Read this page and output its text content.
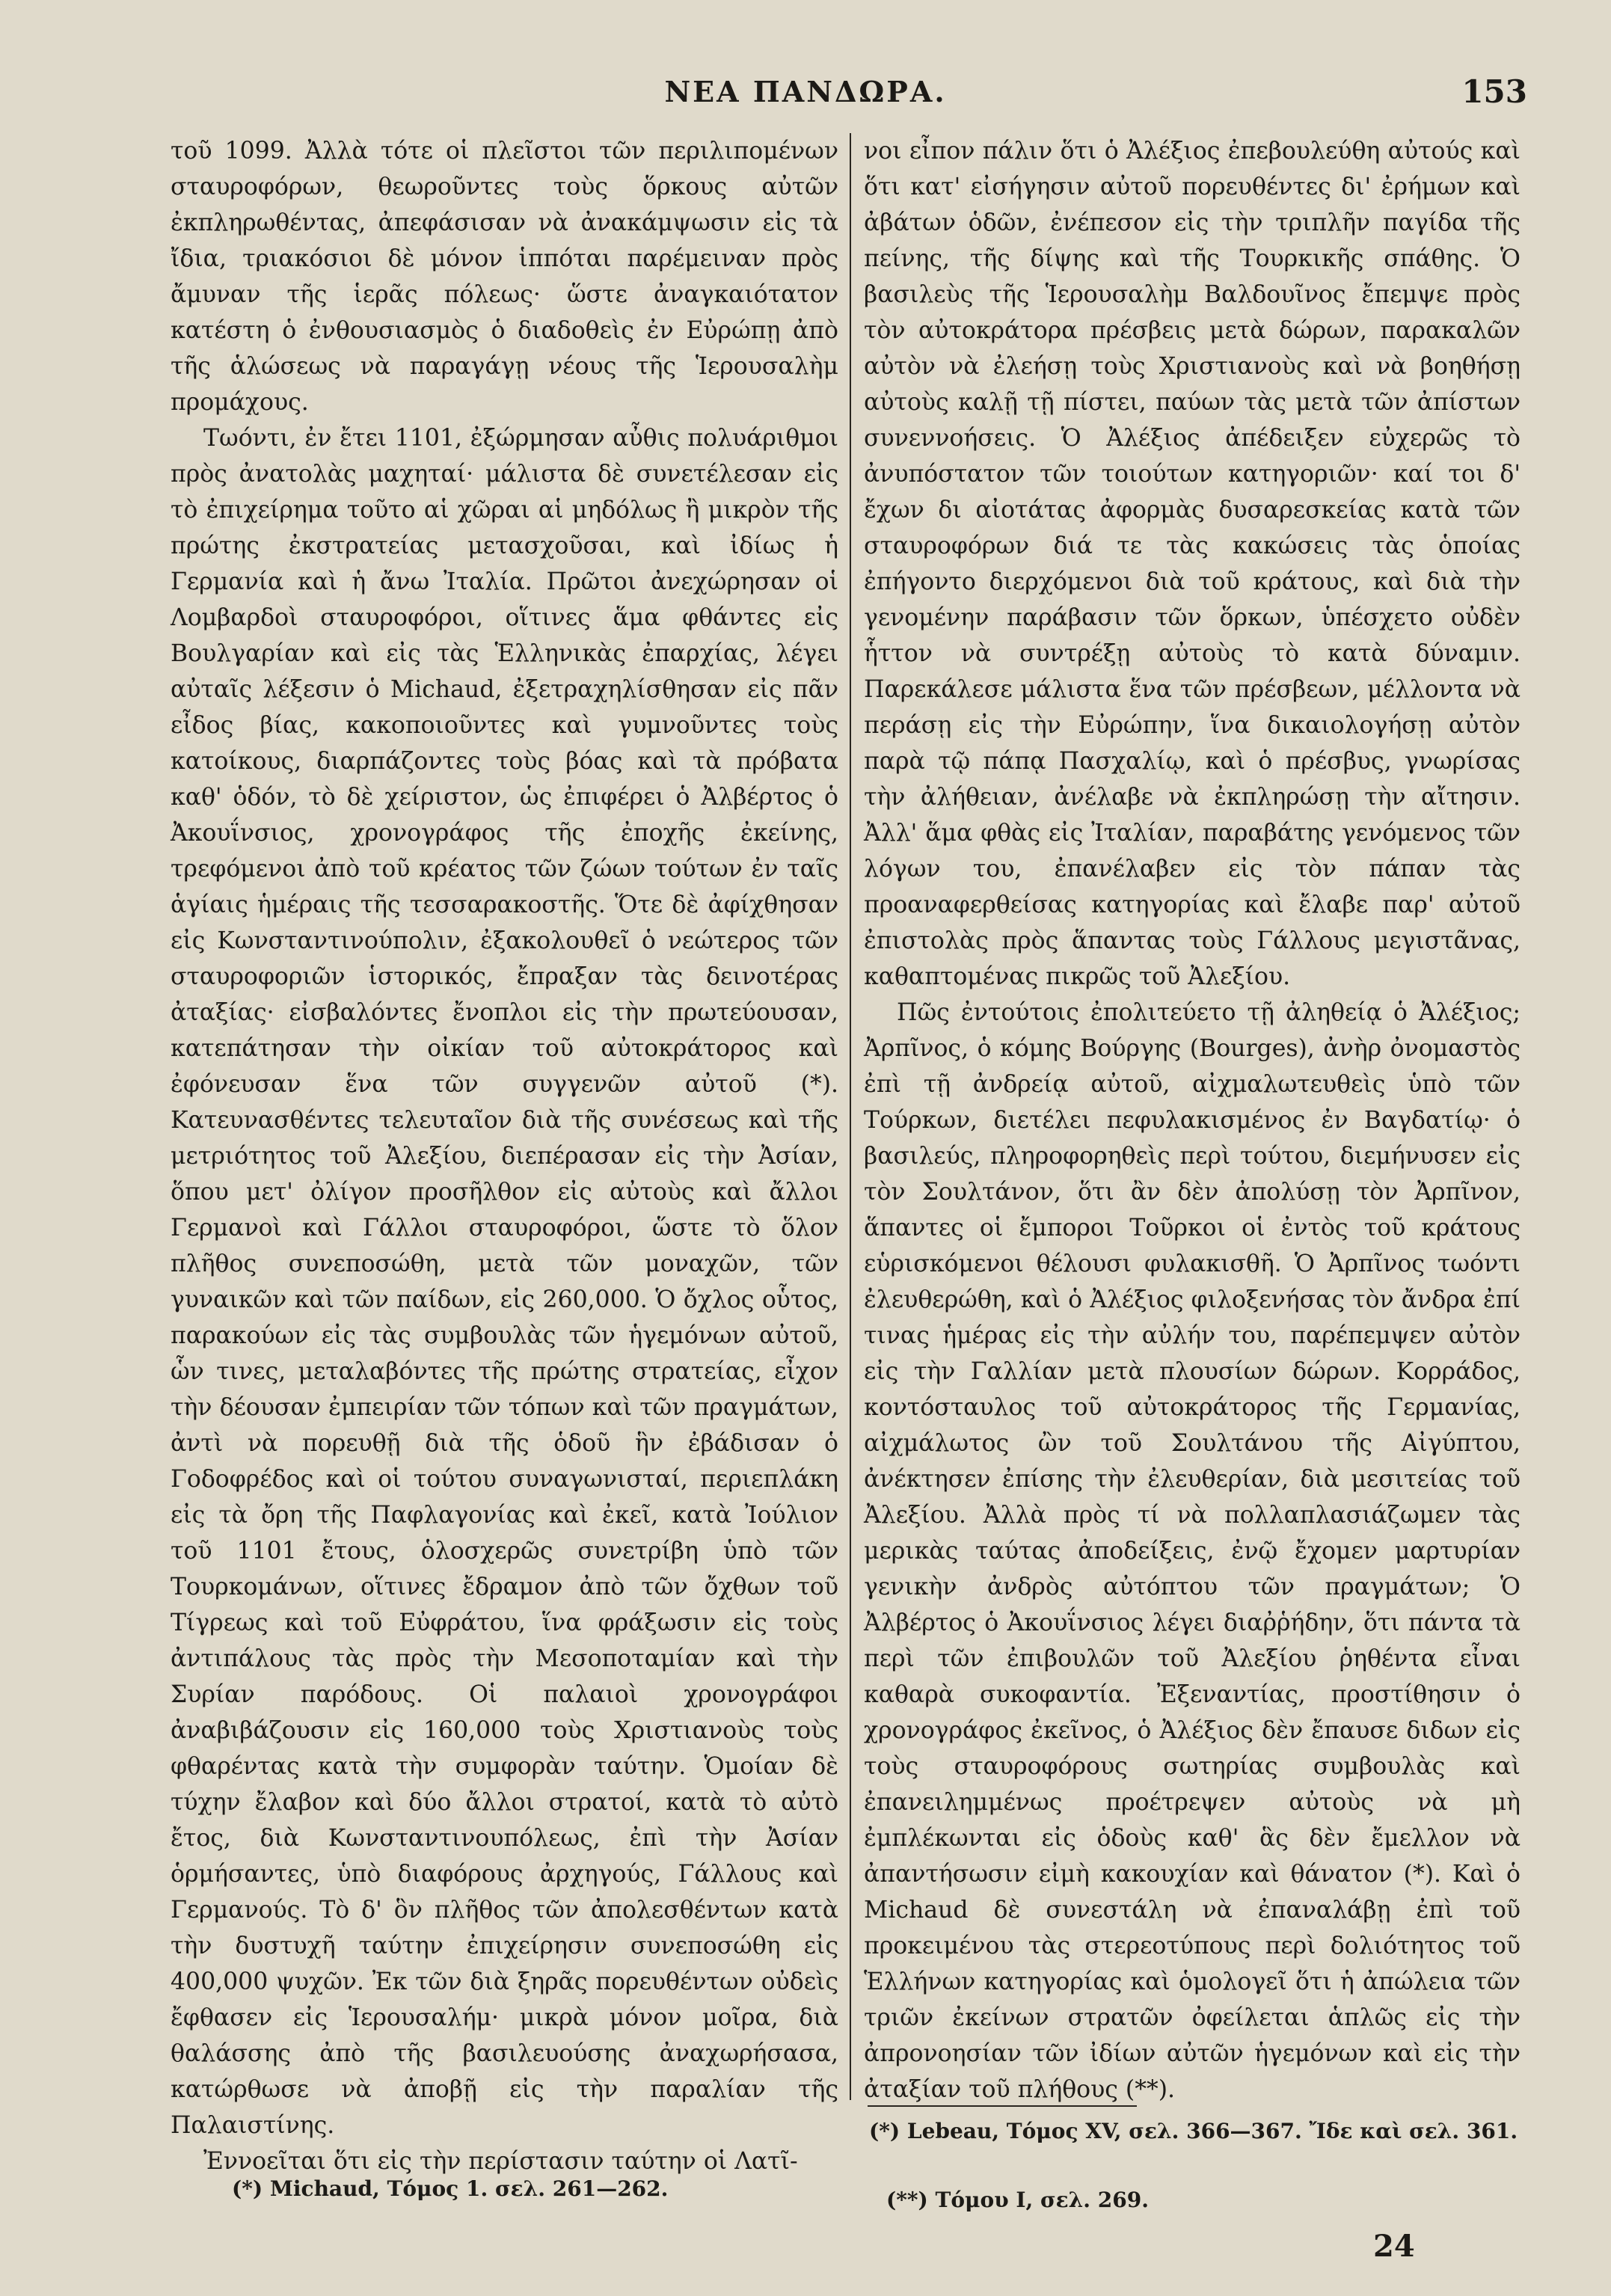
ΝΕΑ ΠΑΝΔΩΡΑ.	153

τοῦ 1099. Ἀλλὰ τότε οἱ πλεῖστοι τῶν περιλιπομένων σταυροφόρων, θεωροῦντες τοὺς ὅρκους αὐτῶν ἐκπληρωθέντας, ἀπεφάσισαν νὰ ἀνακάμψωσιν εἰς τὰ ἴδια, τριακόσιοι δὲ μόνον ἱππόται παρέμειναν πρὸς ἄμυναν τῆς ἱερᾶς πόλεως· ὥστε ἀναγκαιότατον κατέστη ὁ ἐνθουσιασμὸς ὁ διαδοθεὶς ἐν Εὐρώπῃ ἀπὸ τῆς ἁλώσεως νὰ παραγάγῃ νέους τῆς Ἱερουσαλὴμ προμάχους.

Τωόντι, ἐν ἔτει 1101, ἐξώρμησαν αὖθις πολυάριθμοι πρὸς ἀνατολὰς μαχηταί· μάλιστα δὲ συνετέλεσαν εἰς τὸ ἐπιχείρημα τοῦτο αἱ χῶραι αἱ μηδόλως ἢ μικρὸν τῆς πρώτης ἐκστρατείας μετασχοῦσαι, καὶ ἰδίως ἡ Γερμανία καὶ ἡ ἄνω Ἰταλία. Πρῶτοι ἀνεχώρησαν οἱ Λομβαρδοὶ σταυροφόροι, οἵτινες ἅμα φθάντες εἰς Βουλγαρίαν καὶ εἰς τὰς Ἑλληνικὰς ἐπαρχίας, λέγει αὐταῖς λέξεσιν ὁ Michaud, ἐξετραχηλίσθησαν εἰς πᾶν εἶδος βίας, κακοποιοῦντες καὶ γυμνοῦντες τοὺς κατοίκους, διαρπάζοντες τοὺς βόας καὶ τὰ πρόβατα καθ' ὁδόν, τὸ δὲ χείριστον, ὡς ἐπιφέρει ὁ Ἀλβέρτος ὁ Ἀκουΐνσιος, χρονογράφος τῆς ἐποχῆς ἐκείνης, τρεφόμενοι ἀπὸ τοῦ κρέατος τῶν ζώων τούτων ἐν ταῖς ἁγίαις ἡμέραις τῆς τεσσαρακοστῆς. Ὅτε δὲ ἀφίχθησαν εἰς Κωνσταντινούπολιν, ἐξακολουθεῖ ὁ νεώτερος τῶν σταυροφοριῶν ἱστορικός, ἔπραξαν τὰς δεινοτέρας ἀταξίας· εἰσβαλόντες ἔνοπλοι εἰς τὴν πρωτεύουσαν, κατεπάτησαν τὴν οἰκίαν τοῦ αὐτοκράτορος καὶ ἐφόνευσαν ἕνα τῶν συγγενῶν αὐτοῦ (*). Κατευνασθέντες τελευταῖον διὰ τῆς συνέσεως καὶ τῆς μετριότητος τοῦ Ἀλεξίου, διεπέρασαν εἰς τὴν Ἀσίαν, ὅπου μετ' ὀλίγον προσῆλθον εἰς αὐτοὺς καὶ ἄλλοι Γερμανοὶ καὶ Γάλλοι σταυροφόροι, ὥστε τὸ ὅλον πλῆθος συνεποσώθη, μετὰ τῶν μοναχῶν, τῶν γυναικῶν καὶ τῶν παίδων, εἰς 260,000. Ὁ ὄχλος οὗτος, παρακούων εἰς τὰς συμβουλὰς τῶν ἡγεμόνων αὐτοῦ, ὧν τινες, μεταλαβόντες τῆς πρώτης στρατείας, εἶχον τὴν δέουσαν ἐμπειρίαν τῶν τόπων καὶ τῶν πραγμάτων, ἀντὶ νὰ πορευθῇ διὰ τῆς ὁδοῦ ἣν ἐβάδισαν ὁ Γοδοφρέδος καὶ οἱ τούτου συναγωνισταί, περιεπλάκη εἰς τὰ ὄρη τῆς Παφλαγονίας καὶ ἐκεῖ, κατὰ Ἰούλιον τοῦ 1101 ἔτους, ὁλοσχερῶς συνετρίβη ὑπὸ τῶν Τουρκομάνων, οἵτινες ἔδραμον ἀπὸ τῶν ὄχθων τοῦ Τίγρεως καὶ τοῦ Εὐφράτου, ἵνα φράξωσιν εἰς τοὺς ἀντιπάλους τὰς πρὸς τὴν Μεσοποταμίαν καὶ τὴν Συρίαν παρόδους. Οἱ παλαιοὶ χρονογράφοι ἀναβιβάζουσιν εἰς 160,000 τοὺς Χριστιανοὺς τοὺς φθαρέντας κατὰ τὴν συμφορὰν ταύτην. Ὁμοίαν δὲ τύχην ἔλαβον καὶ δύο ἄλλοι στρατοί, κατὰ τὸ αὐτὸ ἔτος, διὰ Κωνσταντινουπόλεως, ἐπὶ τὴν Ἀσίαν ὁρμήσαντες, ὑπὸ διαφόρους ἀρχηγούς, Γάλλους καὶ Γερμανούς. Τὸ δ' ὃν πλῆθος τῶν ἀπολεσθέντων κατὰ τὴν δυστυχῆ ταύτην ἐπιχείρησιν συνεποσώθη εἰς 400,000 ψυχῶν. Ἐκ τῶν διὰ ξηρᾶς πορευθέντων οὐδεὶς ἔφθασεν εἰς Ἱερουσαλήμ· μικρὰ μόνον μοῖρα, διὰ θαλάσσης ἀπὸ τῆς βασιλευούσης ἀναχωρήσασα, κατώρθωσε νὰ ἀποβῇ εἰς τὴν παραλίαν τῆς Παλαιστίνης.

Ἐννοεῖται ὅτι εἰς τὴν περίστασιν ταύτην οἱ Λατῖ-

νοι εἶπον πάλιν ὅτι ὁ Ἀλέξιος ἐπεβουλεύθη αὐτούς καὶ ὅτι κατ' εἰσήγησιν αὐτοῦ πορευθέντες δι' ἐρήμων καὶ ἀβάτων ὁδῶν, ἐνέπεσον εἰς τὴν τριπλῆν παγίδα τῆς πείνης, τῆς δίψης καὶ τῆς Τουρκικῆς σπάθης. Ὁ βασιλεὺς τῆς Ἱερουσαλὴμ Βαλδουῖνος ἔπεμψε πρὸς τὸν αὐτοκράτορα πρέσβεις μετὰ δώρων, παρακαλῶν αὐτὸν νὰ ἐλεήσῃ τοὺς Χριστιανοὺς καὶ νὰ βοηθήσῃ αὐτοὺς καλῇ τῇ πίστει, παύων τὰς μετὰ τῶν ἀπίστων συνεννοήσεις. Ὁ Ἀλέξιος ἀπέδειξεν εὐχερῶς τὸ ἀνυπόστατον τῶν τοιούτων κατηγοριῶν· καί τοι δ' ἔχων δι αἰοτάτας ἀφορμὰς δυσαρεσκείας κατὰ τῶν σταυροφόρων διά τε τὰς κακώσεις τὰς ὁποίας ἐπήγοντο διερχόμενοι διὰ τοῦ κράτους, καὶ διὰ τὴν γενομένην παράβασιν τῶν ὅρκων, ὑπέσχετο οὐδὲν ἧττον νὰ συντρέξῃ αὐτοὺς τὸ κατὰ δύναμιν. Παρεκάλεσε μάλιστα ἕνα τῶν πρέσβεων, μέλλοντα νὰ περάσῃ εἰς τὴν Εὐρώπην, ἵνα δικαιολογήσῃ αὐτὸν παρὰ τῷ πάπᾳ Πασχαλίῳ, καὶ ὁ πρέσβυς, γνωρίσας τὴν ἀλήθειαν, ἀνέλαβε νὰ ἐκπληρώσῃ τὴν αἴτησιν. Ἀλλ' ἅμα φθὰς εἰς Ἰταλίαν, παραβάτης γενόμενος τῶν λόγων του, ἐπανέλαβεν εἰς τὸν πάπαν τὰς προαναφερθείσας κατηγορίας καὶ ἔλαβε παρ' αὐτοῦ ἐπιστολὰς πρὸς ἅπαντας τοὺς Γάλλους μεγιστᾶνας, καθαπτομένας πικρῶς τοῦ Ἀλεξίου.

Πῶς ἐντούτοις ἐπολιτεύετο τῇ ἀληθείᾳ ὁ Ἀλέξιος; Ἀρπῖνος, ὁ κόμης Βούργης (Bourges), ἀνὴρ ὀνομαστὸς ἐπὶ τῇ ἀνδρείᾳ αὐτοῦ, αἰχμαλωτευθεὶς ὑπὸ τῶν Τούρκων, διετέλει πεφυλακισμένος ἐν Βαγδατίῳ· ὁ βασιλεύς, πληροφορηθεὶς περὶ τούτου, διεμήνυσεν εἰς τὸν Σουλτάνον, ὅτι ἂν δὲν ἀπολύσῃ τὸν Ἀρπῖνον, ἅπαντες οἱ ἔμποροι Τοῦρκοι οἱ ἐντὸς τοῦ κράτους εὑρισκόμενοι θέλουσι φυλακισθῆ. Ὁ Ἀρπῖνος τωόντι ἐλευθερώθη, καὶ ὁ Ἀλέξιος φιλοξενήσας τὸν ἄνδρα ἐπί τινας ἡμέρας εἰς τὴν αὐλήν του, παρέπεμψεν αὐτὸν εἰς τὴν Γαλλίαν μετὰ πλουσίων δώρων. Κορράδος, κοντόσταυλος τοῦ αὐτοκράτορος τῆς Γερμανίας, αἰχμάλωτος ὢν τοῦ Σουλτάνου τῆς Αἰγύπτου, ἀνέκτησεν ἐπίσης τὴν ἐλευθερίαν, διὰ μεσιτείας τοῦ Ἀλεξίου. Ἀλλὰ πρὸς τί νὰ πολλαπλασιάζωμεν τὰς μερικὰς ταύτας ἀποδείξεις, ἐνῷ ἔχομεν μαρτυρίαν γενικὴν ἀνδρὸς αὐτόπτου τῶν πραγμάτων; Ὁ Ἀλβέρτος ὁ Ἀκουΐνσιος λέγει διαῤῥήδην, ὅτι πάντα τὰ περὶ τῶν ἐπιβουλῶν τοῦ Ἀλεξίου ῥηθέντα εἶναι καθαρὰ συκοφαντία. Ἐξεναντίας, προστίθησιν ὁ χρονογράφος ἐκεῖνος, ὁ Ἀλέξιος δὲν ἔπαυσε διδων εἰς τοὺς σταυροφόρους σωτηρίας συμβουλὰς καὶ ἐπανειλημμένως προέτρεψεν αὐτοὺς νὰ μὴ ἐμπλέκωνται εἰς ὁδοὺς καθ' ἃς δὲν ἔμελλον νὰ ἀπαντήσωσιν εἰμὴ κακουχίαν καὶ θάνατον (*). Καὶ ὁ Michaud δὲ συνεστάλη νὰ ἐπαναλάβῃ ἐπὶ τοῦ προκειμένου τὰς στερεοτύπους περὶ δολιότητος τοῦ Ἑλλήνων κατηγορίας καὶ ὁμολογεῖ ὅτι ἡ ἀπώλεια τῶν τριῶν ἐκείνων στρατῶν ὀφείλεται ἁπλῶς εἰς τὴν ἀπρονοησίαν τῶν ἰδίων αὐτῶν ἡγεμόνων καὶ εἰς τὴν ἀταξίαν τοῦ πλήθους (**).

(*) Michaud, Τόμος 1. σελ. 261—262.
(*) Lebeau, Τόμος XV, σελ. 366—367. Ἴδε καὶ σελ. 361.
(**) Τόμου I, σελ. 269.
24
